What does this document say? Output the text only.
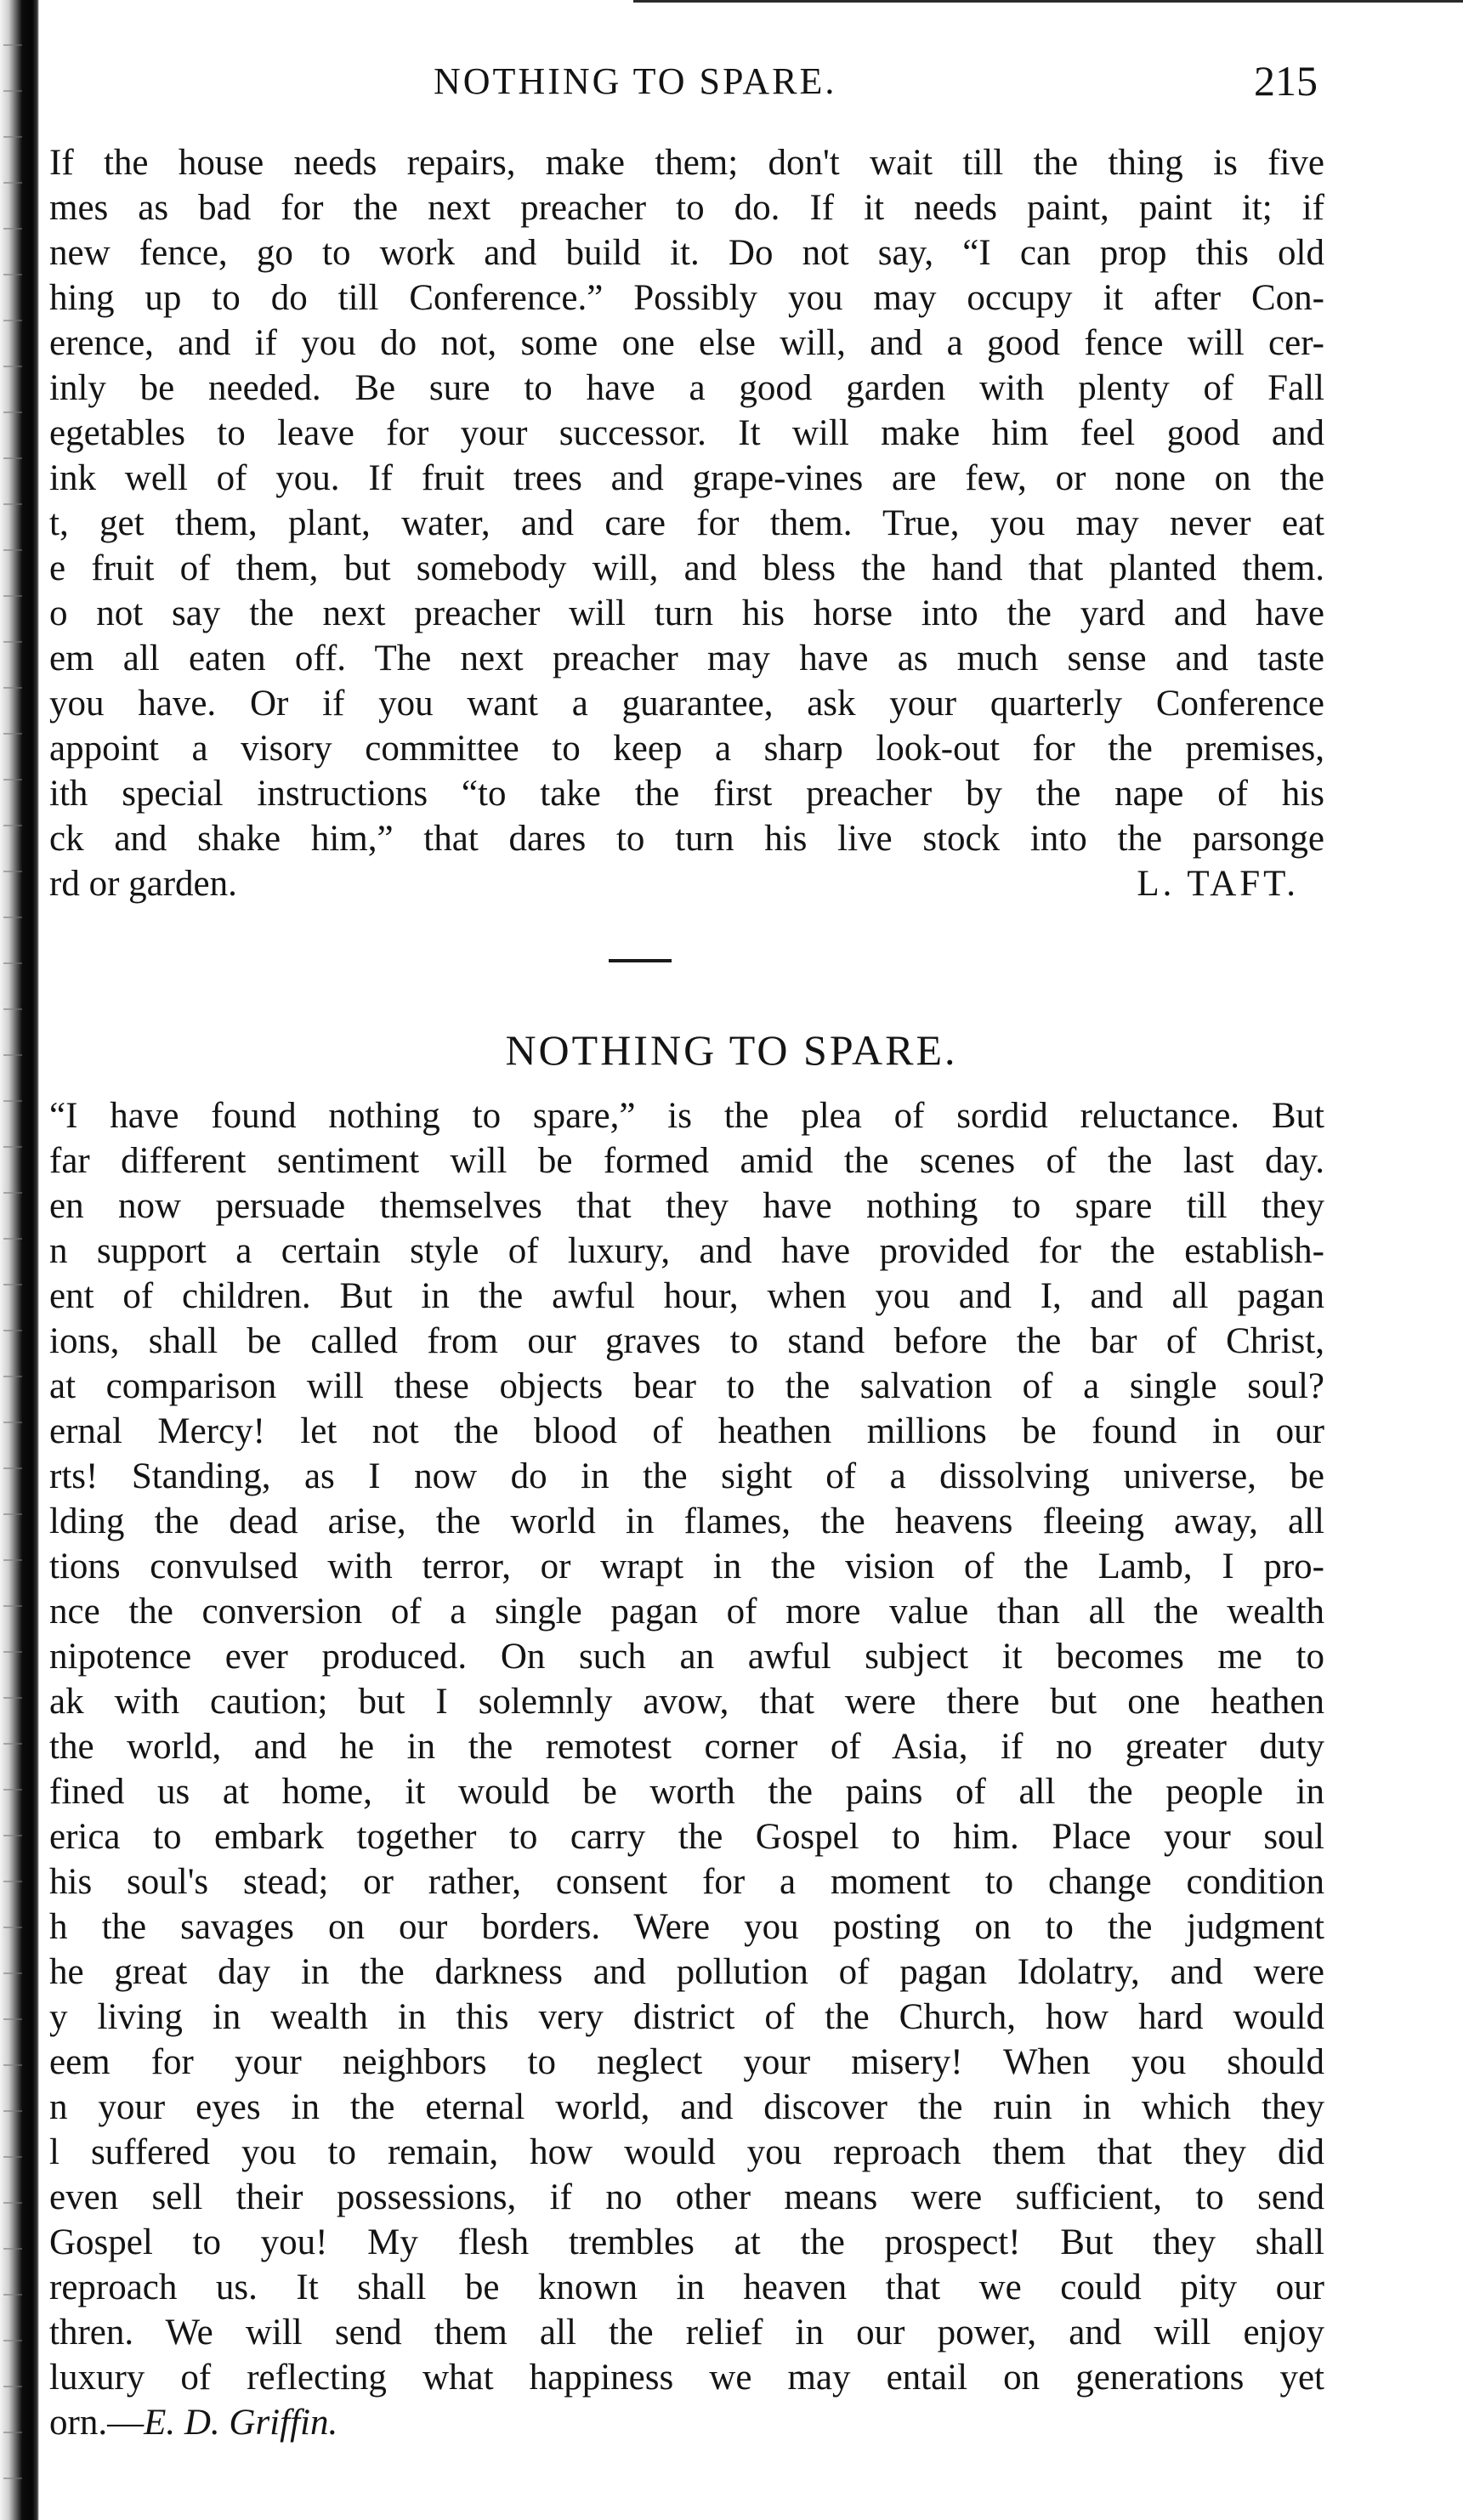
NOTHING TO SPARE.	215
If the house needs repairs, make them; don't wait till the thing is five
mes as bad for the next preacher to do. If it needs paint, paint it; if
new fence, go to work and build it. Do not say, “I can prop this old
hing up to do till Conference.” Possibly you may occupy it after Con-
erence, and if you do not, some one else will, and a good fence will cer-
inly be needed. Be sure to have a good garden with plenty of Fall
egetables to leave for your successor. It will make him feel good and
ink well of you. If fruit trees and grape-vines are few, or none on the
t, get them, plant, water, and care for them. True, you may never eat
e fruit of them, but somebody will, and bless the hand that planted them.
o not say the next preacher will turn his horse into the yard and have
em all eaten off. The next preacher may have as much sense and taste
you have. Or if you want a guarantee, ask your quarterly Conference
appoint a visory committee to keep a sharp look-out for the premises,
ith special instructions “to take the first preacher by the nape of his
ck and shake him,” that dares to turn his live stock into the parsonge
rd or garden.	L. TAFT.
NOTHING TO SPARE.
“I have found nothing to spare,” is the plea of sordid reluctance. But
far different sentiment will be formed amid the scenes of the last day.
en now persuade themselves that they have nothing to spare till they
n support a certain style of luxury, and have provided for the establish-
ent of children. But in the awful hour, when you and I, and all pagan
ions, shall be called from our graves to stand before the bar of Christ,
at comparison will these objects bear to the salvation of a single soul?
ernal Mercy! let not the blood of heathen millions be found in our
rts! Standing, as I now do in the sight of a dissolving universe, be
lding the dead arise, the world in flames, the heavens fleeing away, all
tions convulsed with terror, or wrapt in the vision of the Lamb, I pro-
nce the conversion of a single pagan of more value than all the wealth
nipotence ever produced. On such an awful subject it becomes me to
ak with caution; but I solemnly avow, that were there but one heathen
the world, and he in the remotest corner of Asia, if no greater duty
fined us at home, it would be worth the pains of all the people in
erica to embark together to carry the Gospel to him. Place your soul
his soul's stead; or rather, consent for a moment to change condition
h the savages on our borders. Were you posting on to the judgment
he great day in the darkness and pollution of pagan Idolatry, and were
y living in wealth in this very district of the Church, how hard would
eem for your neighbors to neglect your misery! When you should
n your eyes in the eternal world, and discover the ruin in which they
l suffered you to remain, how would you reproach them that they did
even sell their possessions, if no other means were sufficient, to send
Gospel to you! My flesh trembles at the prospect! But they shall
reproach us. It shall be known in heaven that we could pity our
thren. We will send them all the relief in our power, and will enjoy
luxury of reflecting what happiness we may entail on generations yet
orn.—E. D. Griffin.
